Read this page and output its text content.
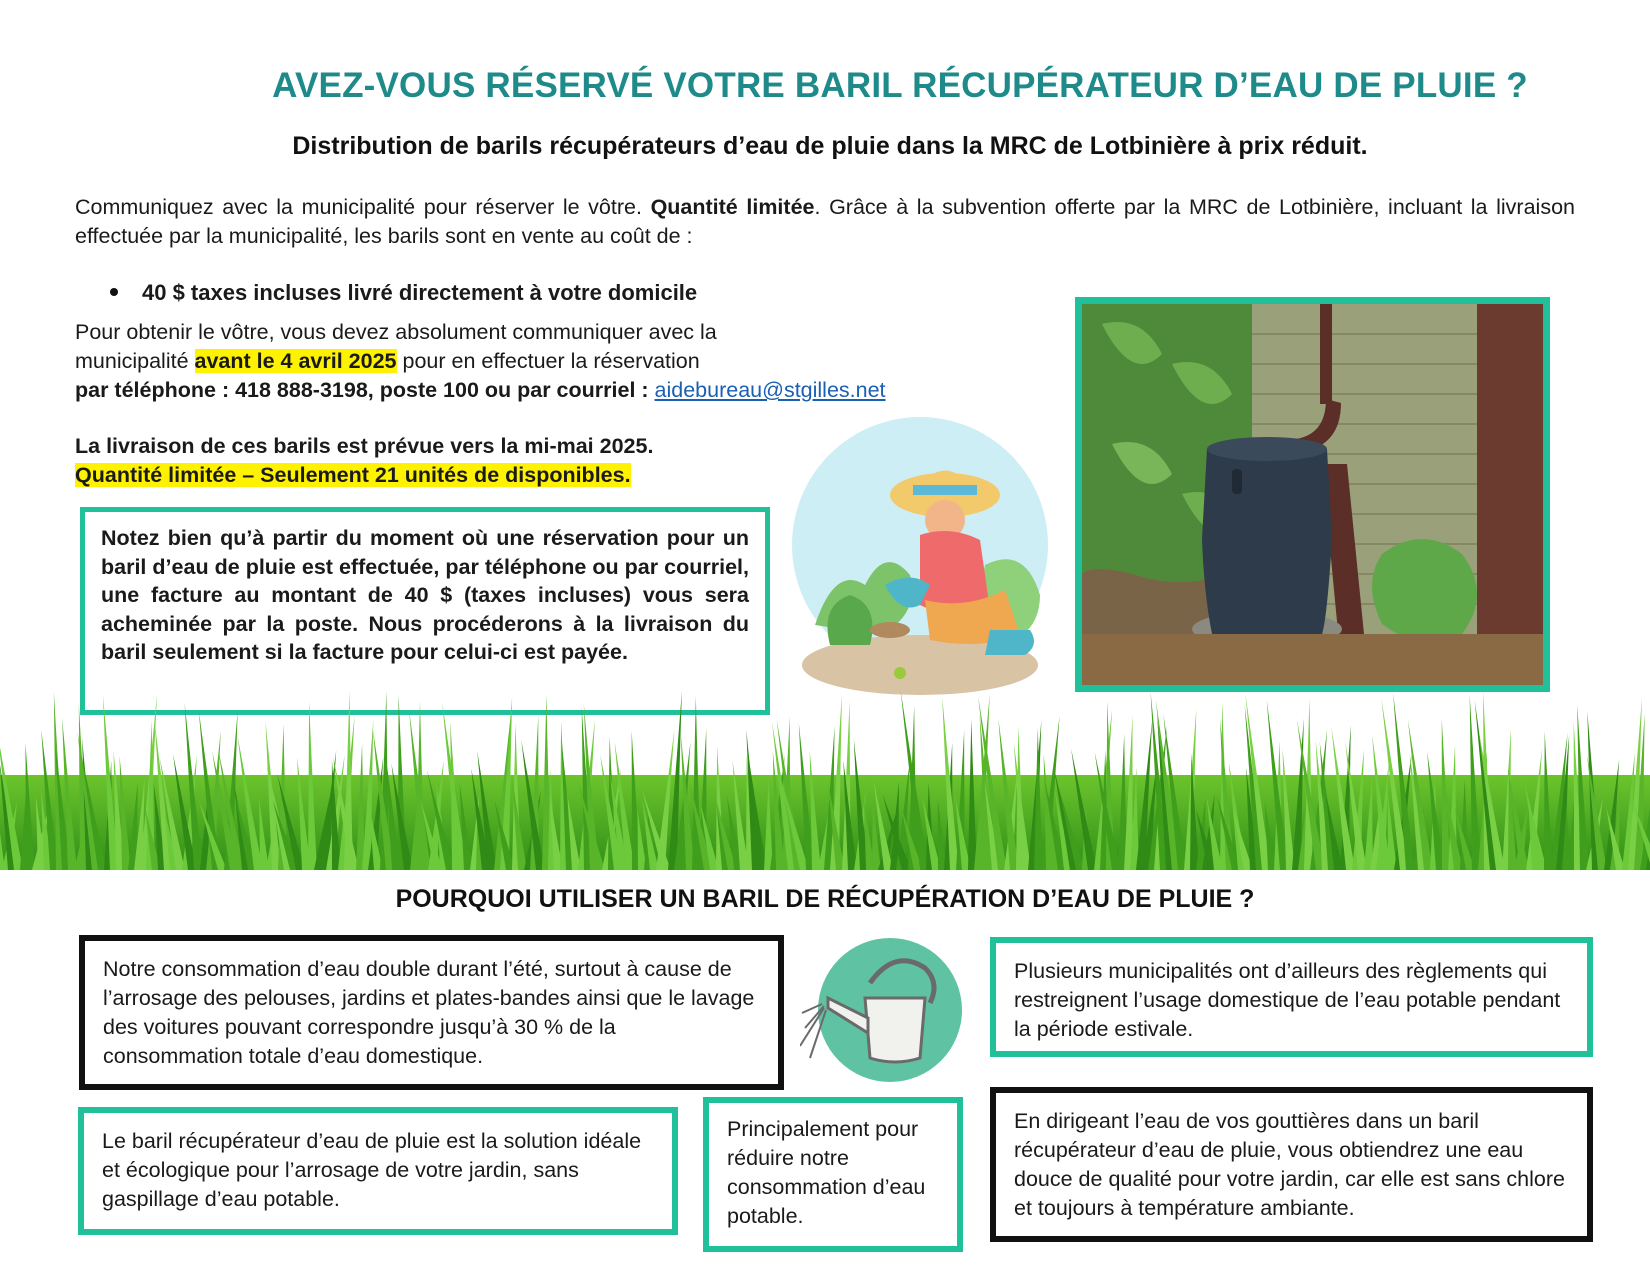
AVEZ-VOUS RÉSERVÉ VOTRE BARIL RÉCUPÉRATEUR D’EAU DE PLUIE ?
Distribution de barils récupérateurs d’eau de pluie dans la MRC de Lotbinière à prix réduit.

Communiquez avec la municipalité pour réserver le vôtre. Quantité limitée. Grâce à la subvention offerte par la MRC de Lotbinière, incluant la livraison effectuée par la municipalité, les barils sont en vente au coût de :

40 $ taxes incluses livré directement à votre domicile
Pour obtenir le vôtre, vous devez absolument communiquer avec la
municipalité avant le 4 avril 2025 pour en effectuer la réservation
par téléphone : 418 888-3198, poste 100 ou par courriel : aidebureau@stgilles.net
La livraison de ces barils est prévue vers la mi-mai 2025.
Quantité limitée – Seulement 21 unités de disponibles.
Notez bien qu’à partir du moment où une réservation pour un baril d’eau de pluie est effectuée, par téléphone ou par courriel, une facture au montant de 40 $ (taxes incluses) vous sera acheminée par la poste. Nous procéderons à la livraison du baril seulement si la facture pour celui-ci est payée.
POURQUOI UTILISER UN BARIL DE RÉCUPÉRATION D’EAU DE PLUIE ?
Notre consommation d’eau double durant l’été, surtout à cause de l’arrosage des pelouses, jardins et plates-bandes ainsi que le lavage des voitures pouvant correspondre jusqu’à 30 % de la consommation totale d’eau domestique.
Plusieurs municipalités ont d’ailleurs des règlements qui restreignent l’usage domestique de l’eau potable pendant la période estivale.
Le baril récupérateur d’eau de pluie est la solution idéale et écologique pour l’arrosage de votre jardin, sans gaspillage d’eau potable.
Principalement pour réduire notre consommation d’eau potable.
En dirigeant l’eau de vos gouttières dans un baril récupérateur d’eau de pluie, vous obtiendrez une eau douce de qualité pour votre jardin, car elle est sans chlore et toujours à température ambiante.
